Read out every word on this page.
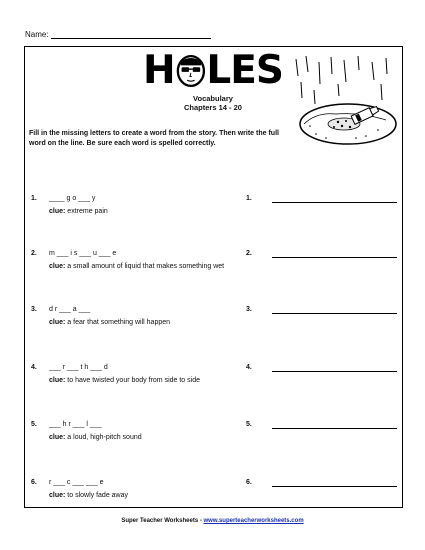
Name:
H LES
Vocabulary
Chapters 14 - 20
Fill in the missing letters to create a word from the story. Then write the full word on the line. Be sure each word is spelled correctly.
1. ____ g o ___ y
clue: extreme pain
1.
2. m ___ i s ___ u ___ e
clue: a small amount of liquid that makes something wet
2.
3. d r ___ a ___
clue: a fear that something will happen
3.
4. ___ r ___ t h ___ d
clue: to have twisted your body from side to side
4.
5. ___ h r ___ l ___
clue: a loud, high-pitch sound
5.
6. r ___ c ___ ___ e
clue: to slowly fade away
6.
Super Teacher Worksheets - www.superteacherworksheets.com
